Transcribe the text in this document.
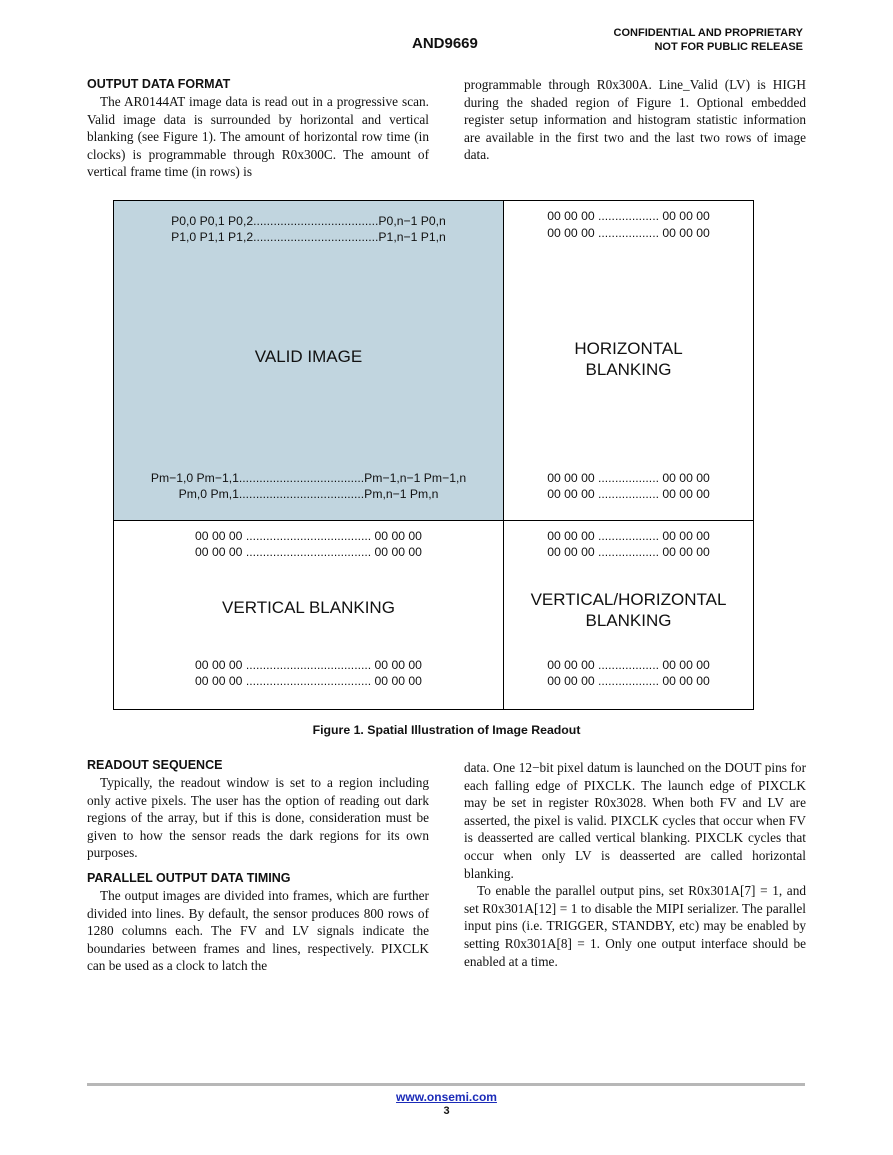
AND9669
CONFIDENTIAL AND PROPRIETARY
NOT FOR PUBLIC RELEASE

OUTPUT DATA FORMAT

The AR0144AT image data is read out in a progressive scan. Valid image data is surrounded by horizontal and vertical blanking (see Figure 1). The amount of horizontal row time (in clocks) is programmable through R0x300C. The amount of vertical frame time (in rows) is

programmable through R0x300A. Line_Valid (LV) is HIGH during the shaded region of Figure 1. Optional embedded register setup information and histogram statistic information are available in the first two and the last two rows of image data.

P0,0 P0,1 P0,2.....................................P0,n−1 P0,n
P1,0 P1,1 P1,2.....................................P1,n−1 P1,n
VALID IMAGE
Pm−1,0 Pm−1,1.....................................Pm−1,n−1 Pm−1,n
Pm,0 Pm,1.....................................Pm,n−1 Pm,n
00 00 00 .................. 00 00 00
00 00 00 .................. 00 00 00
HORIZONTAL
BLANKING
00 00 00 .................. 00 00 00
00 00 00 .................. 00 00 00
00 00 00 ..................................... 00 00 00
00 00 00 ..................................... 00 00 00
VERTICAL BLANKING
00 00 00 ..................................... 00 00 00
00 00 00 ..................................... 00 00 00
00 00 00 .................. 00 00 00
00 00 00 .................. 00 00 00
VERTICAL/HORIZONTAL
BLANKING
00 00 00 .................. 00 00 00
00 00 00 .................. 00 00 00
Figure 1. Spatial Illustration of Image Readout

READOUT SEQUENCE

Typically, the readout window is set to a region including only active pixels. The user has the option of reading out dark regions of the array, but if this is done, consideration must be given to how the sensor reads the dark regions for its own purposes.

PARALLEL OUTPUT DATA TIMING

The output images are divided into frames, which are further divided into lines. By default, the sensor produces 800 rows of 1280 columns each. The FV and LV signals indicate the boundaries between frames and lines, respectively. PIXCLK can be used as a clock to latch the

data. One 12−bit pixel datum is launched on the DOUT pins for each falling edge of PIXCLK. The launch edge of PIXCLK may be set in register R0x3028. When both FV and LV are asserted, the pixel is valid. PIXCLK cycles that occur when FV is deasserted are called vertical blanking. PIXCLK cycles that occur when only LV is deasserted are called horizontal blanking.

To enable the parallel output pins, set R0x301A[7] = 1, and set R0x301A[12] = 1 to disable the MIPI serializer. The parallel input pins (i.e. TRIGGER, STANDBY, etc) may be enabled by setting R0x301A[8] = 1. Only one output interface should be enabled at a time.

www.onsemi.com
3
